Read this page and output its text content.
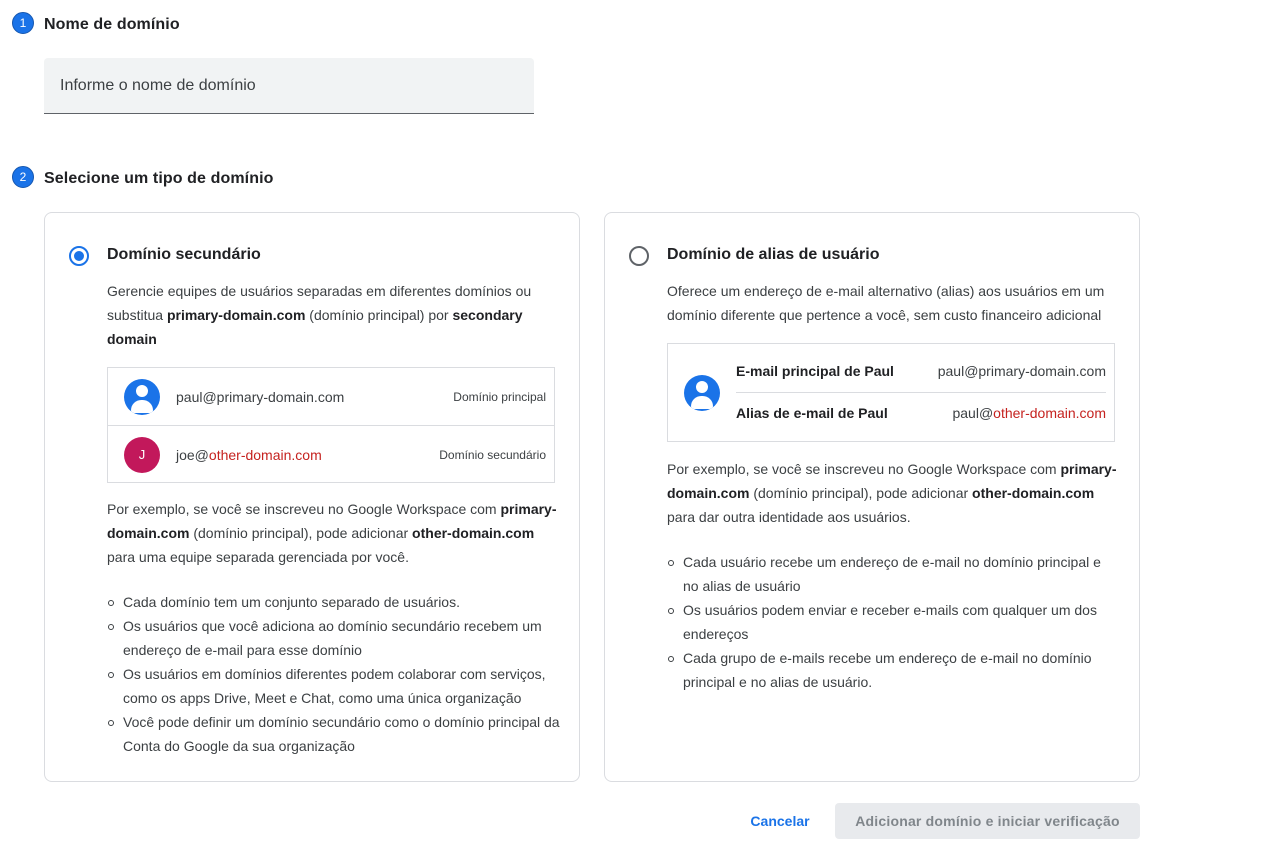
1	Nome de domínio
Informe o nome de domínio
2	Selecione um tipo de domínio
Domínio secundário

Gerencie equipes de usuários separadas em diferentes domínios ou substitua primary-domain.com (domínio principal) por secondary domain

paul@primary-domain.com	Domínio principal
J	joe@other-domain.com	Domínio secundário

Por exemplo, se você se inscreveu no Google Workspace com primary-domain.com (domínio principal), pode adicionar other-domain.com para uma equipe separada gerenciada por você.

Cada domínio tem um conjunto separado de usuários.
Os usuários que você adiciona ao domínio secundário recebem um endereço de e-mail para esse domínio
Os usuários em domínios diferentes podem colaborar com serviços, como os apps Drive, Meet e Chat, como uma única organização
Você pode definir um domínio secundário como o domínio principal da Conta do Google da sua organização
Domínio de alias de usuário

Oferece um endereço de e-mail alternativo (alias) aos usuários em um domínio diferente que pertence a você, sem custo financeiro adicional

E-mail principal de Paul	paul@primary-domain.com
Alias de e-mail de Paul	paul@other-domain.com

Por exemplo, se você se inscreveu no Google Workspace com primary-domain.com (domínio principal), pode adicionar other-domain.com para dar outra identidade aos usuários.

Cada usuário recebe um endereço de e-mail no domínio principal e no alias de usuário
Os usuários podem enviar e receber e-mails com qualquer um dos endereços
Cada grupo de e-mails recebe um endereço de e-mail no domínio principal e no alias de usuário.
Cancelar	Adicionar domínio e iniciar verificação
